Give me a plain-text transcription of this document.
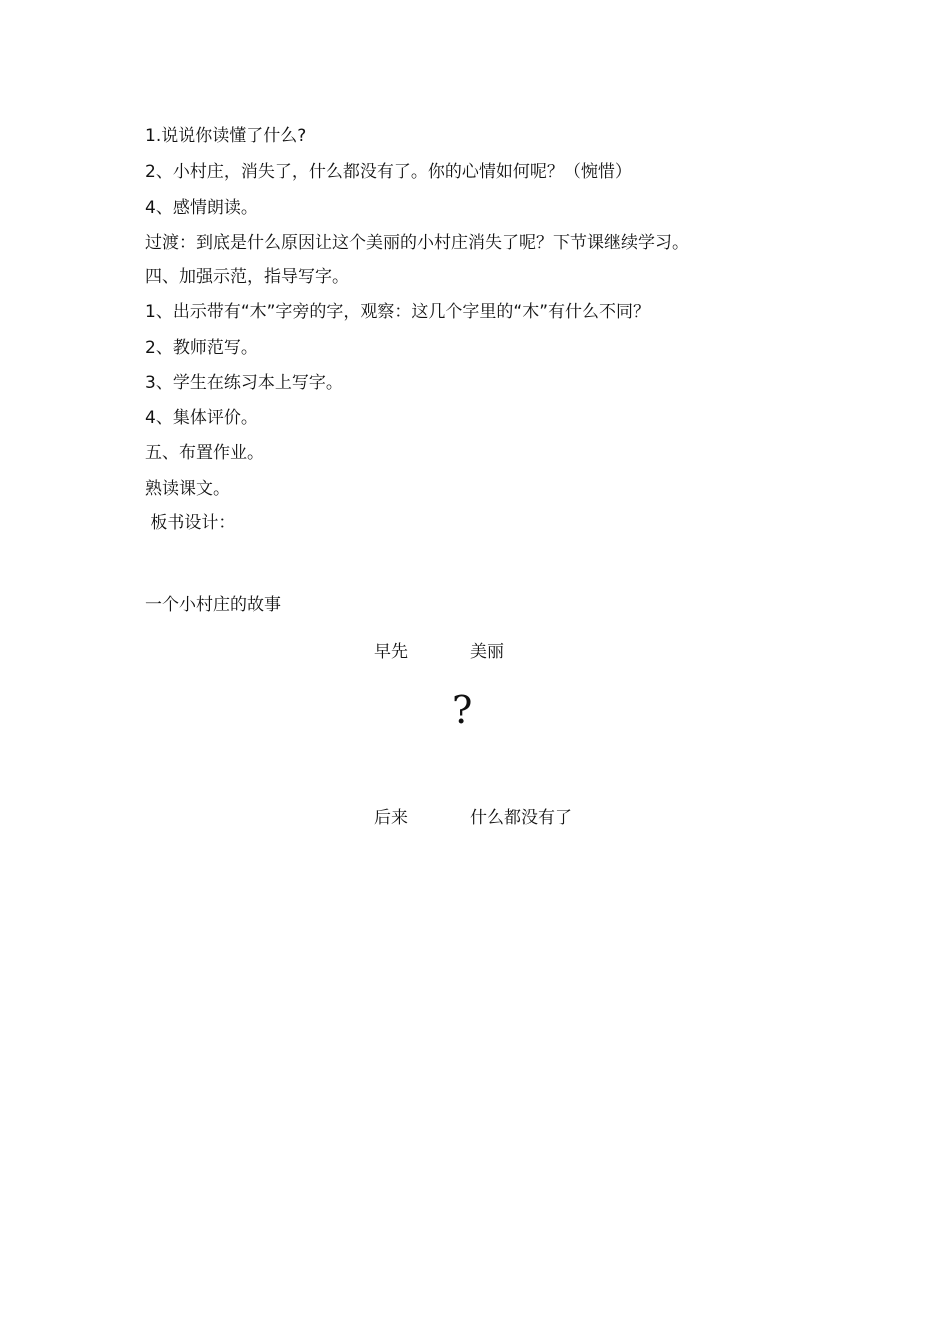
1.说说你读懂了什么?
2、小村庄，消失了，什么都没有了。你的心情如何呢？（惋惜）
4、感情朗读。
过渡：到底是什么原因让这个美丽的小村庄消失了呢？下节课继续学习。
四、加强示范，指导写字。
1、出示带有“木”字旁的字，观察：这几个字里的“木”有什么不同？
2、教师范写。
3、学生在练习本上写字。
4、集体评价。
五、布置作业。
熟读课文。
板书设计：
一个小村庄的故事
早先	美丽
?
后来	什么都没有了
